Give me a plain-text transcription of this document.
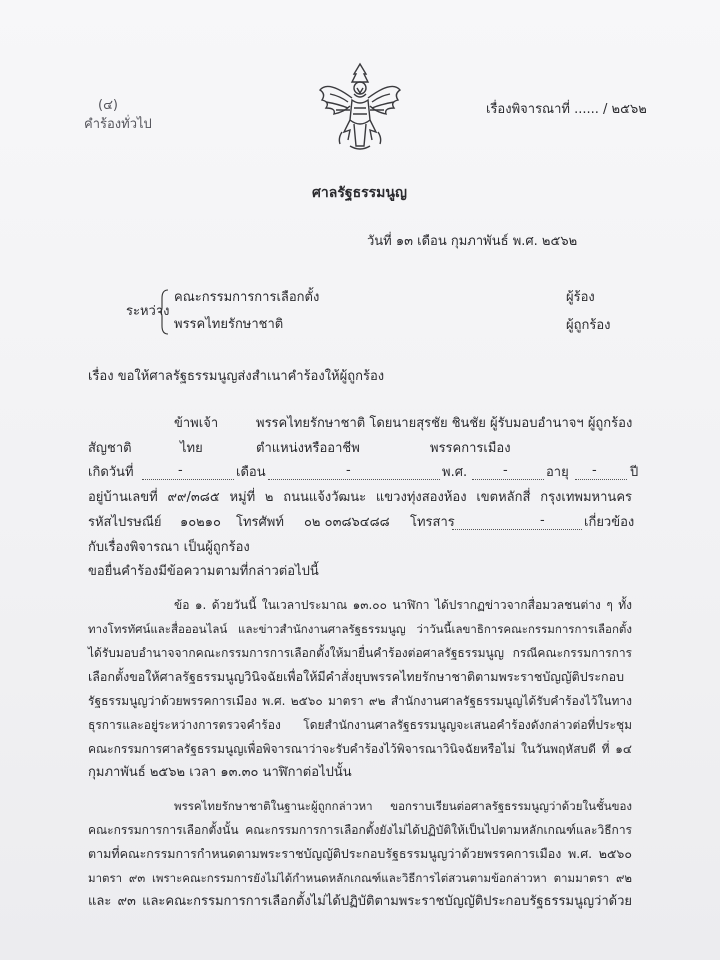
(๔)
คำร้องทั่วไป
เรื่องพิจารณาที่ ...... / ๒๕๖๒
ศาลรัฐธรรมนูญ
วันที่ ๑๓ เดือน กุมภาพันธ์ พ.ศ. ๒๕๖๒
ระหว่าง
คณะกรรมการการเลือกตั้ง	ผู้ร้อง
พรรคไทยรักษาชาติ	ผู้ถูกร้อง
เรื่อง ขอให้ศาลรัฐธรรมนูญส่งสำเนาคำร้องให้ผู้ถูกร้อง
ข้าพเจ้า	พรรคไทยรักษาชาติ โดยนายสุรชัย ชินชัย ผู้รับมอบอำนาจฯ ผู้ถูกร้อง
สัญชาติ	ไทย	ตำแหน่งหรืออาชีพ	พรรคการเมือง
เกิดวันที่	-	เดือน	-	พ.ศ.	-	อายุ -	ปี
อยู่บ้านเลขที่ ๙๙/๓๘๕ หมู่ที่ ๒ ถนนแจ้งวัฒนะ แขวงทุ่งสองห้อง เขตหลักสี่ กรุงเทพมหานคร
รหัสไปรษณีย์ ๑๐๒๑๐ โทรศัพท์ ๐๒ ๐๓๘๖๔๘๘ โทรสาร	-	เกี่ยวข้อง
กับเรื่องพิจารณา เป็นผู้ถูกร้อง
ขอยื่นคำร้องมีข้อความตามที่กล่าวต่อไปนี้
ข้อ ๑. ด้วยวันนี้ ในเวลาประมาณ ๑๓.๐๐ นาฬิกา ได้ปรากฏข่าวจากสื่อมวลชนต่าง ๆ ทั้ง
ทางโทรทัศน์และสื่อออนไลน์ และข่าวสำนักงานศาลรัฐธรรมนูญ ว่าวันนี้เลขาธิการคณะกรรมการการเลือกตั้ง
ได้รับมอบอำนาจจากคณะกรรมการการเลือกตั้งให้มายื่นคำร้องต่อศาลรัฐธรรมนูญ กรณีคณะกรรมการการ
เลือกตั้งขอให้ศาลรัฐธรรมนูญวินิจฉัยเพื่อให้มีคำสั่งยุบพรรคไทยรักษาชาติตามพระราชบัญญัติประกอบ
รัฐธรรมนูญว่าด้วยพรรคการเมือง พ.ศ. ๒๕๖๐ มาตรา ๙๒ สำนักงานศาลรัฐธรรมนูญได้รับคำร้องไว้ในทาง
ธุรการและอยู่ระหว่างการตรวจคำร้อง โดยสำนักงานศาลรัฐธรรมนูญจะเสนอคำร้องดังกล่าวต่อที่ประชุม
คณะกรรมการศาลรัฐธรรมนูญเพื่อพิจารณาว่าจะรับคำร้องไว้พิจารณาวินิจฉัยหรือไม่ ในวันพฤหัสบดี ที่ ๑๔
กุมภาพันธ์ ๒๕๖๒ เวลา ๑๓.๓๐ นาฬิกาต่อไปนั้น
พรรคไทยรักษาชาติในฐานะผู้ถูกกล่าวหา ขอกราบเรียนต่อศาลรัฐธรรมนูญว่าด้วยในชั้นของ
คณะกรรมการการเลือกตั้งนั้น คณะกรรมการการเลือกตั้งยังไม่ได้ปฏิบัติให้เป็นไปตามหลักเกณฑ์และวิธีการ
ตามที่คณะกรรมการกำหนดตามพระราชบัญญัติประกอบรัฐธรรมนูญว่าด้วยพรรคการเมือง พ.ศ. ๒๕๖๐
มาตรา ๙๓ เพราะคณะกรรมการยังไม่ได้กำหนดหลักเกณฑ์และวิธีการไต่สวนตามข้อกล่าวหา ตามมาตรา ๙๒
และ ๙๓ และคณะกรรมการการเลือกตั้งไม่ได้ปฏิบัติตามพระราชบัญญัติประกอบรัฐธรรมนูญว่าด้วย
